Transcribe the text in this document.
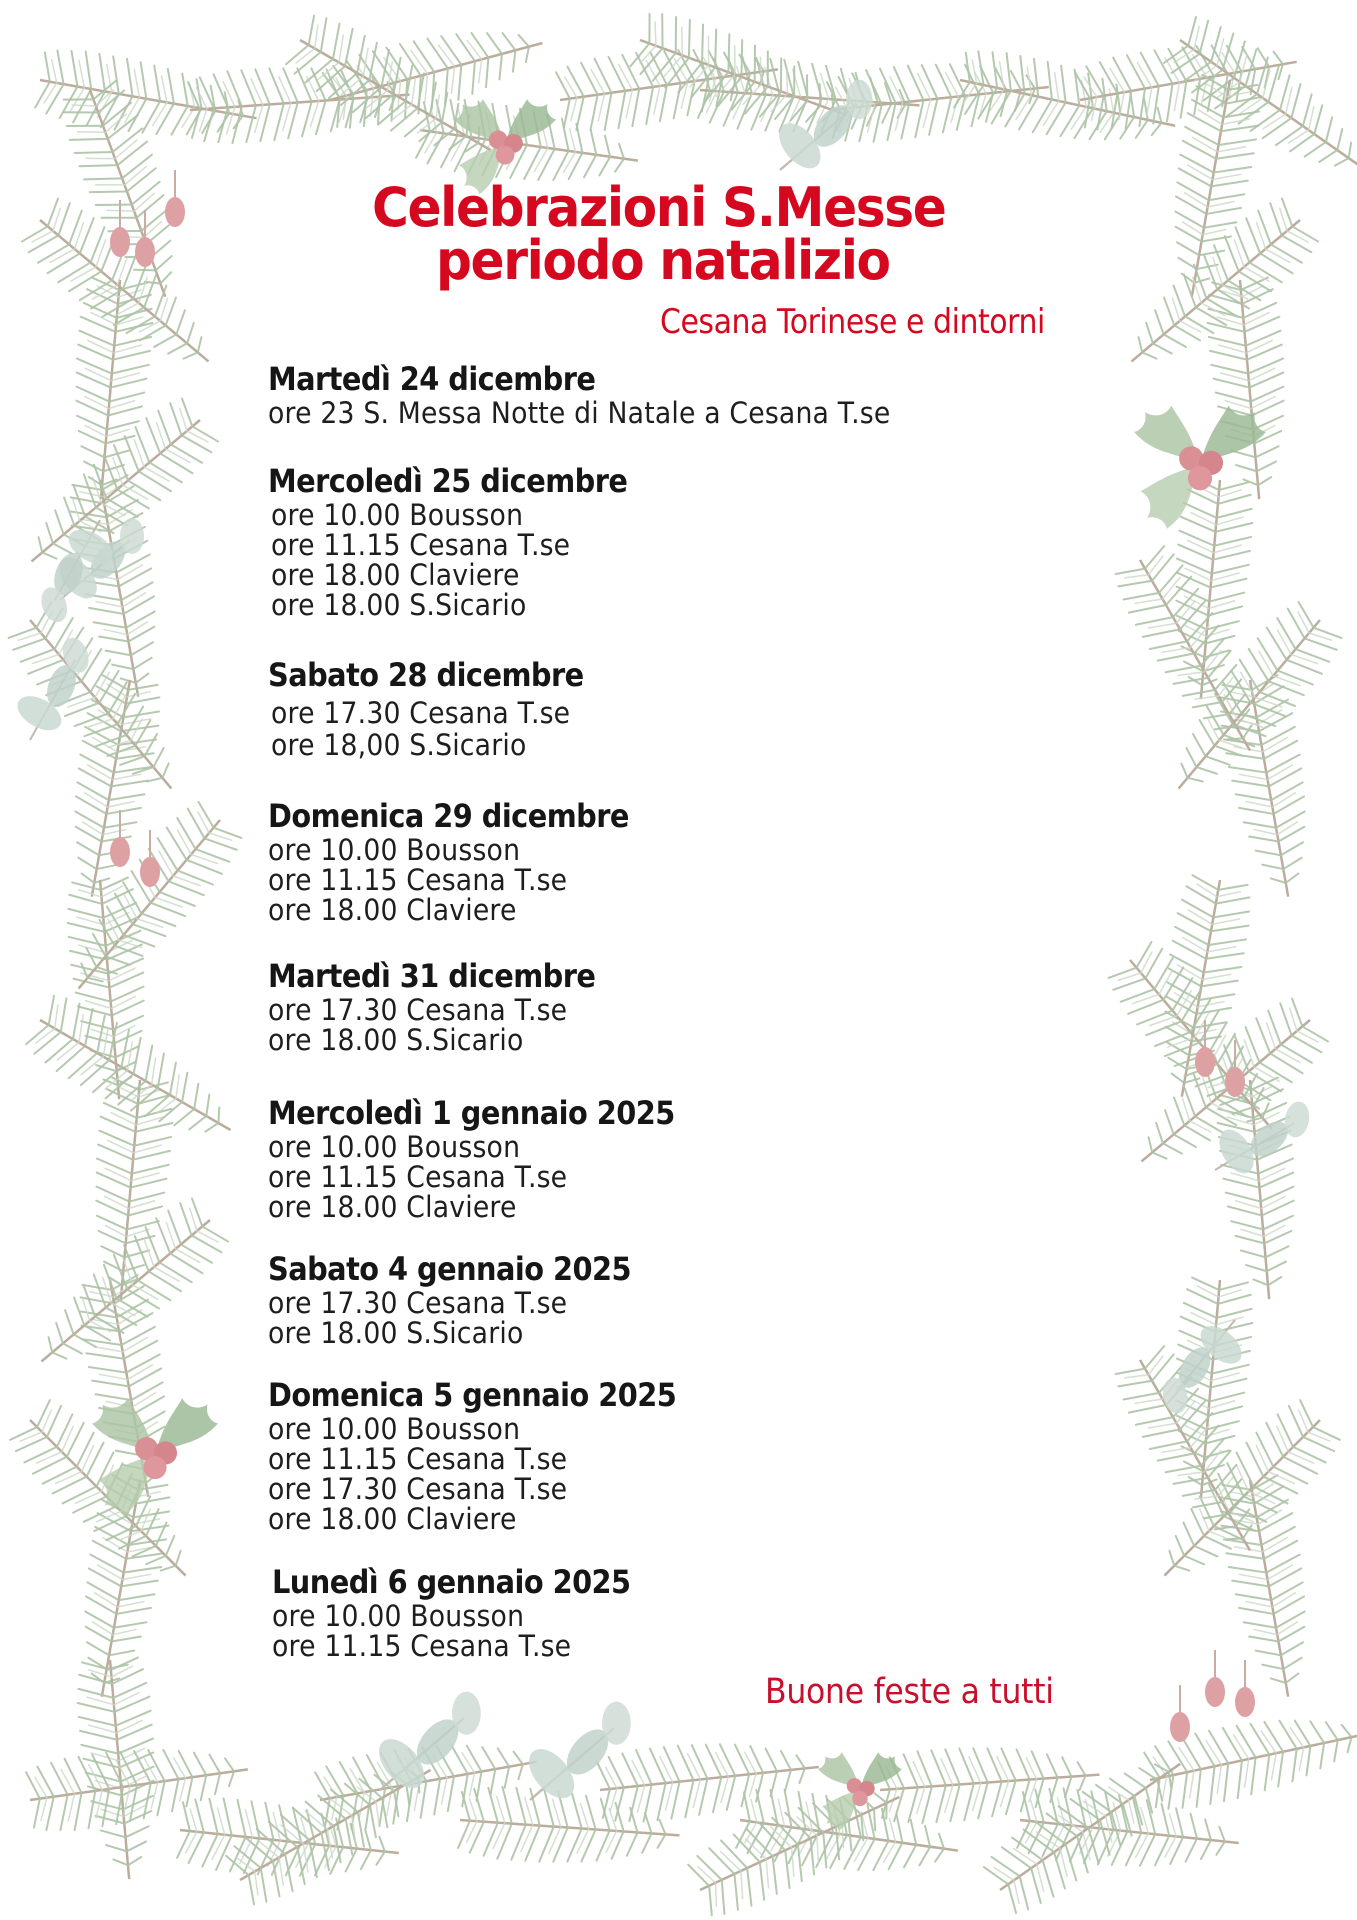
Celebrazioni S.Messe
periodo natalizio
Cesana Torinese e dintorni
Martedì 24 dicembre
ore 23 S. Messa Notte di Natale a Cesana T.se
Mercoledì 25 dicembre
ore 10.00 Bousson
ore 11.15 Cesana T.se
ore 18.00 Claviere
ore 18.00 S.Sicario
Sabato 28 dicembre
ore 17.30 Cesana T.se
ore 18,00 S.Sicario
Domenica 29 dicembre
ore 10.00 Bousson
ore 11.15 Cesana T.se
ore 18.00 Claviere
Martedì 31 dicembre
ore 17.30 Cesana T.se
ore 18.00 S.Sicario
Mercoledì 1 gennaio 2025
ore 10.00 Bousson
ore 11.15 Cesana T.se
ore 18.00 Claviere
Sabato 4 gennaio 2025
ore 17.30 Cesana T.se
ore 18.00 S.Sicario
Domenica 5 gennaio 2025
ore 10.00 Bousson
ore 11.15 Cesana T.se
ore 17.30 Cesana T.se
ore 18.00 Claviere
Lunedì 6 gennaio 2025
ore 10.00 Bousson
ore 11.15 Cesana T.se
Buone feste a tutti
